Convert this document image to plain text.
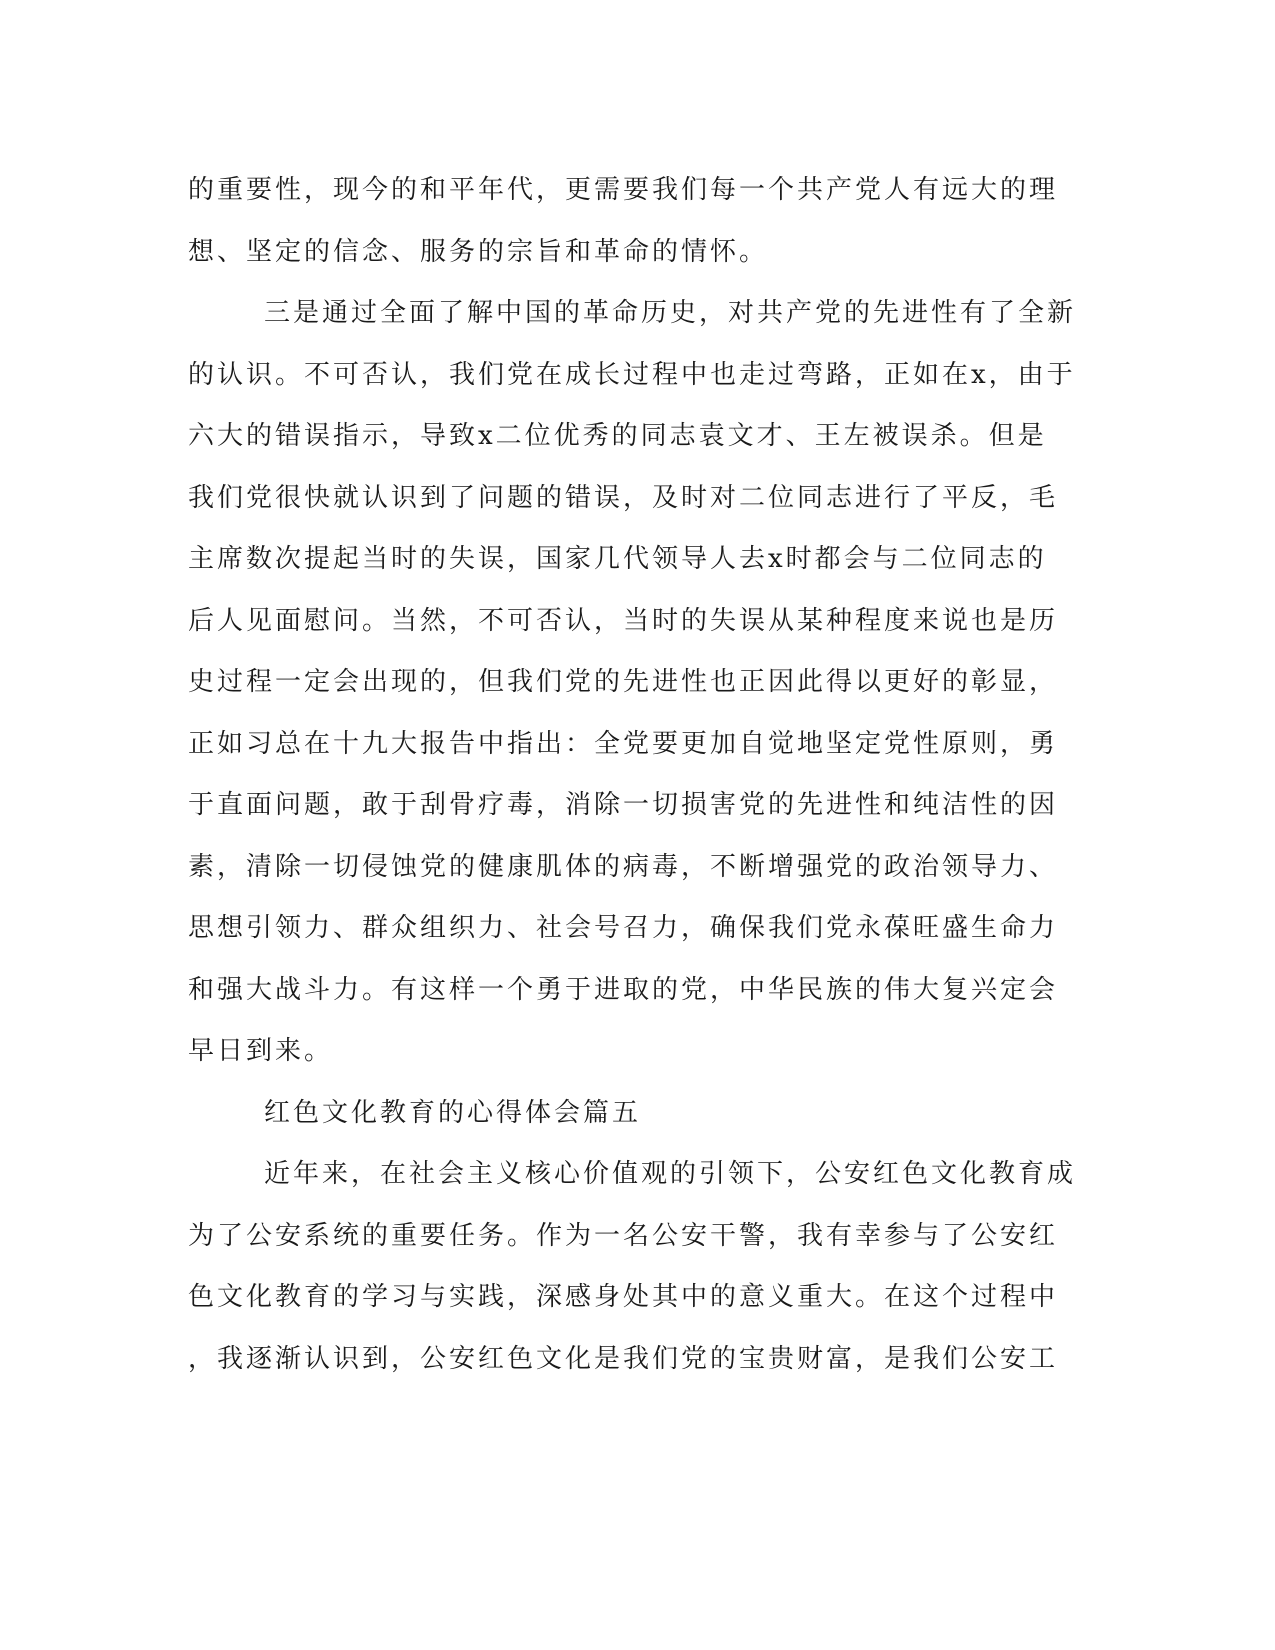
的重要性，现今的和平年代，更需要我们每一个共产党人有远大的理
想、坚定的信念、服务的宗旨和革命的情怀。
三是通过全面了解中国的革命历史，对共产党的先进性有了全新
的认识。不可否认，我们党在成长过程中也走过弯路，正如在x，由于
六大的错误指示，导致x二位优秀的同志袁文才、王左被误杀。但是
我们党很快就认识到了问题的错误，及时对二位同志进行了平反，毛
主席数次提起当时的失误，国家几代领导人去x时都会与二位同志的
后人见面慰问。当然，不可否认，当时的失误从某种程度来说也是历
史过程一定会出现的，但我们党的先进性也正因此得以更好的彰显，
正如习总在十九大报告中指出：全党要更加自觉地坚定党性原则，勇
于直面问题，敢于刮骨疗毒，消除一切损害党的先进性和纯洁性的因
素，清除一切侵蚀党的健康肌体的病毒，不断增强党的政治领导力、
思想引领力、群众组织力、社会号召力，确保我们党永葆旺盛生命力
和强大战斗力。有这样一个勇于进取的党，中华民族的伟大复兴定会
早日到来。
红色文化教育的心得体会篇五
近年来，在社会主义核心价值观的引领下，公安红色文化教育成
为了公安系统的重要任务。作为一名公安干警，我有幸参与了公安红
色文化教育的学习与实践，深感身处其中的意义重大。在这个过程中
，我逐渐认识到，公安红色文化是我们党的宝贵财富，是我们公安工
